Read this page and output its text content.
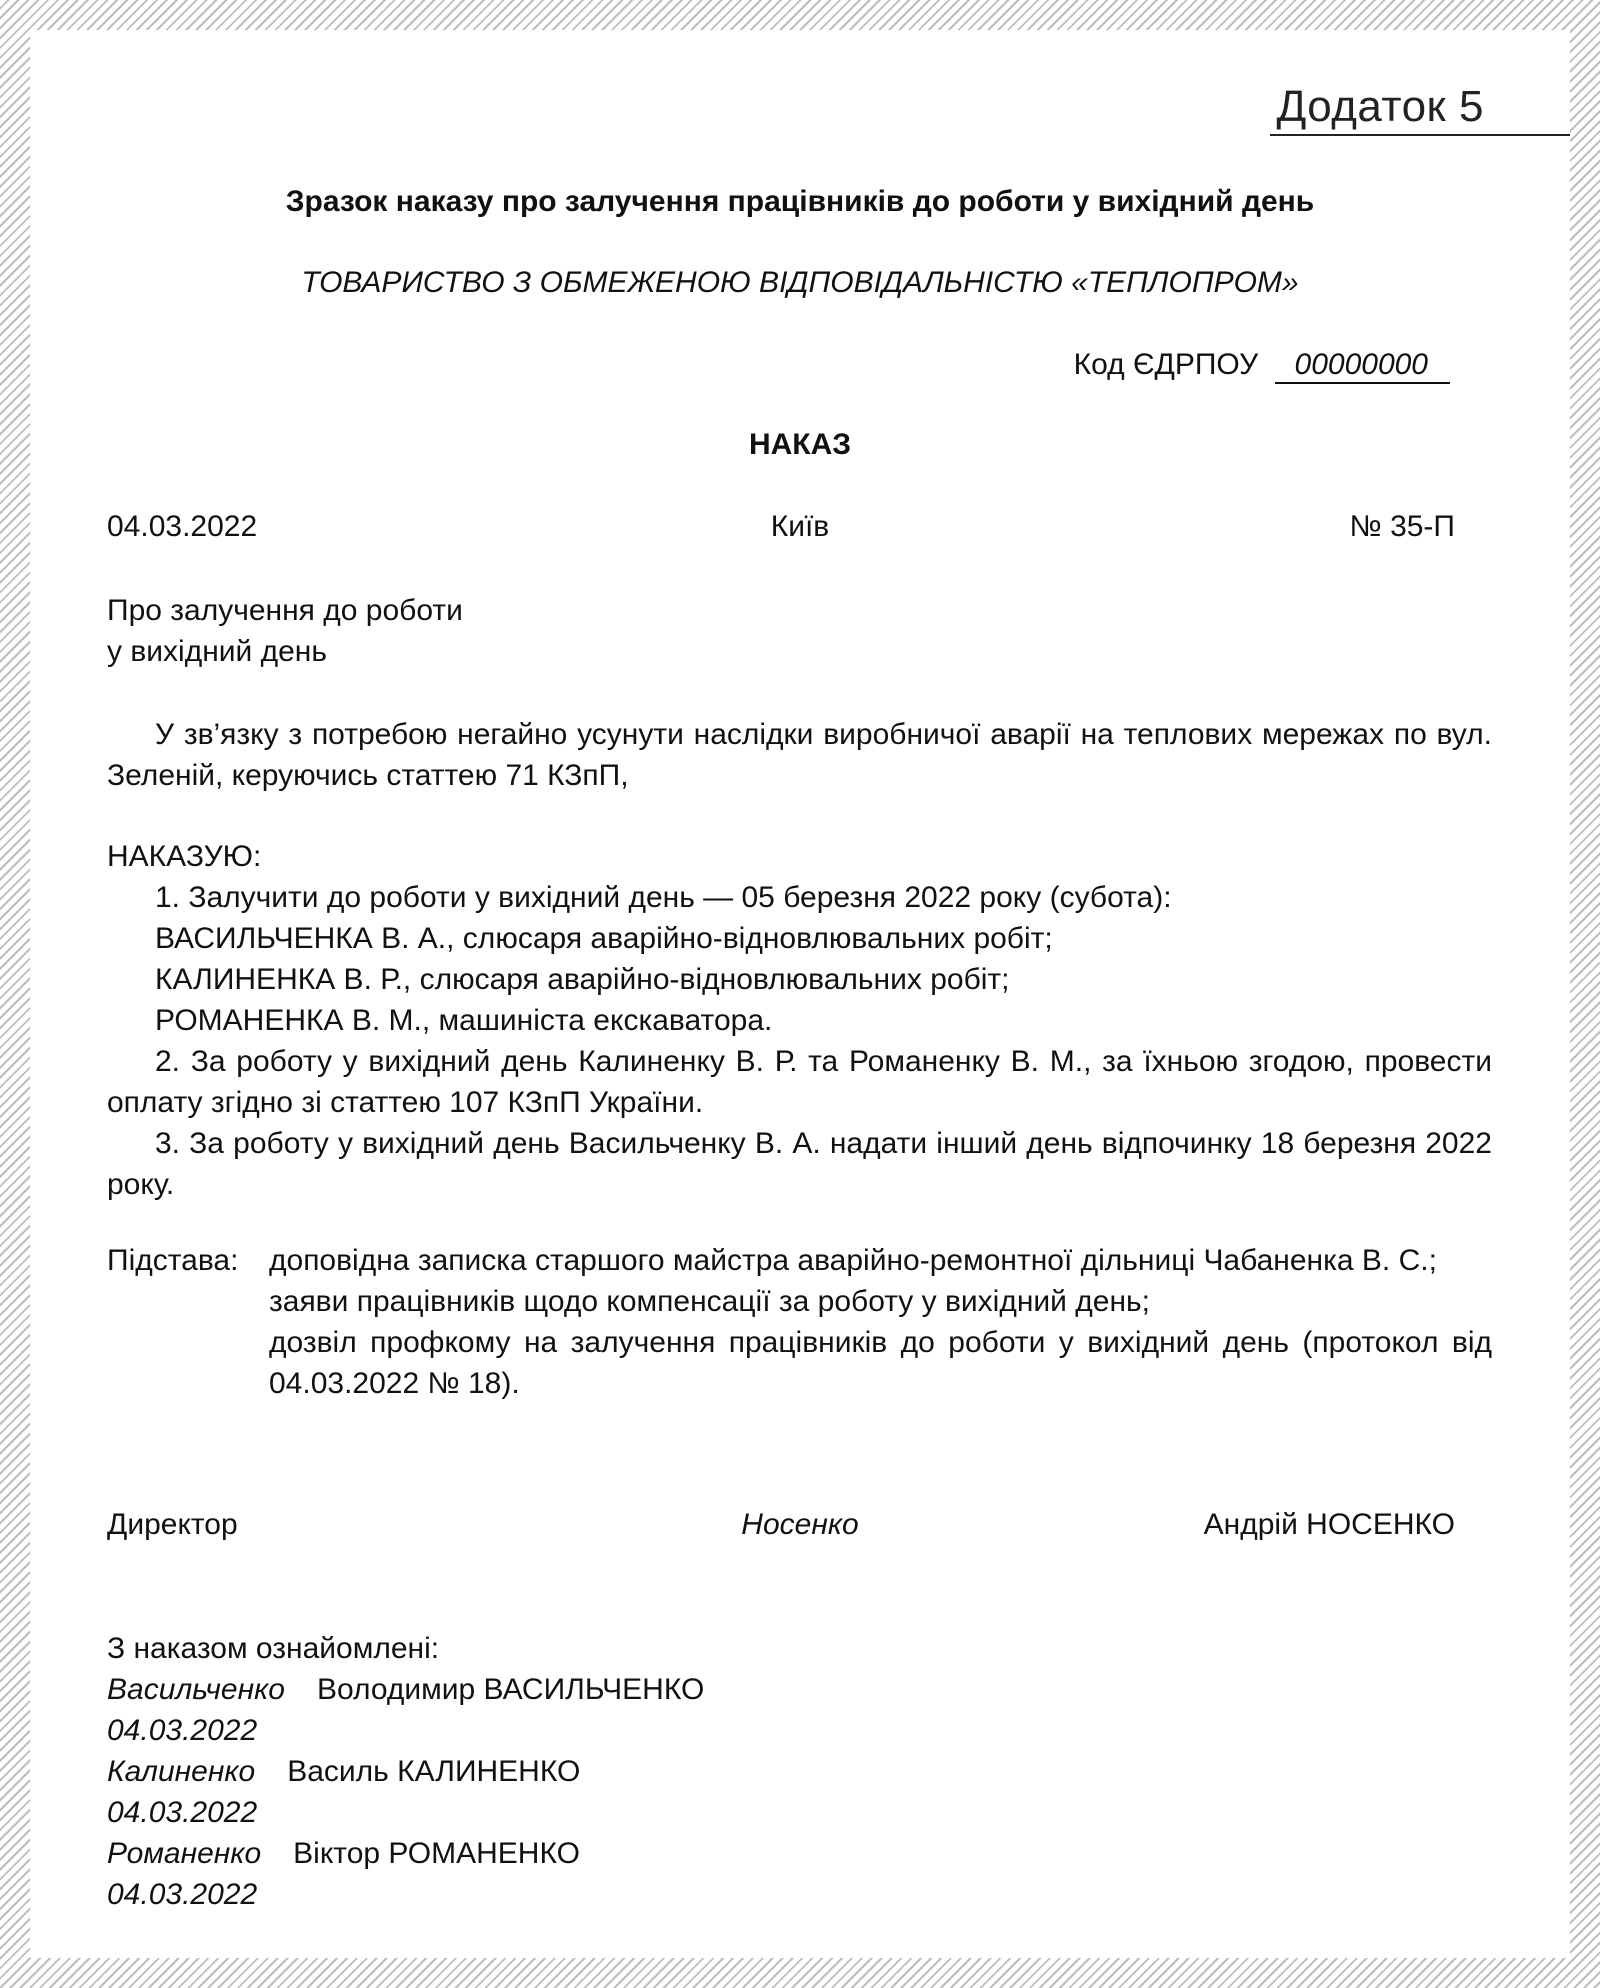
Додаток 5
Зразок наказу про залучення працівників до роботи у вихідний день
ТОВАРИСТВО З ОБМЕЖЕНОЮ ВІДПОВІДАЛЬНІСТЮ «ТЕПЛОПРОМ»
Код ЄДРПОУ 00000000
НАКАЗ
04.03.2022	Київ	№ 35-П
Про залучення до роботи
у вихідний день
У зв’язку з потребою негайно усунути наслідки виробничої аварії на теплових мережах по вул. Зеленій, керуючись статтею 71 КЗпП,
НАКАЗУЮ:
1. Залучити до роботи у вихідний день — 05 березня 2022 року (субота):
ВАСИЛЬЧЕНКА В. А., слюсаря аварійно-відновлювальних робіт;
КАЛИНЕНКА В. Р., слюсаря аварійно-відновлювальних робіт;
РОМАНЕНКА В. М., машиніста екскаватора.
2. За роботу у вихідний день Калиненку В. Р. та Романенку В. М., за їхньою згодою, провести оплату згідно зі статтею 107 КЗпП України.
3. За роботу у вихідний день Васильченку В. А. надати інший день відпочинку 18 березня 2022 року.
Підстава:	доповідна записка старшого майстра аварійно-ремонтної дільниці Чабаненка В. С.;
заяви працівників щодо компенсації за роботу у вихідний день;
дозвіл профкому на залучення працівників до роботи у вихідний день (протокол від 04.03.2022 № 18).
Директор	Носенко	Андрій НОСЕНКО
З наказом ознайомлені:
Васильченко Володимир ВАСИЛЬЧЕНКО
04.03.2022
Калиненко Василь КАЛИНЕНКО
04.03.2022
Романенко Віктор РОМАНЕНКО
04.03.2022
